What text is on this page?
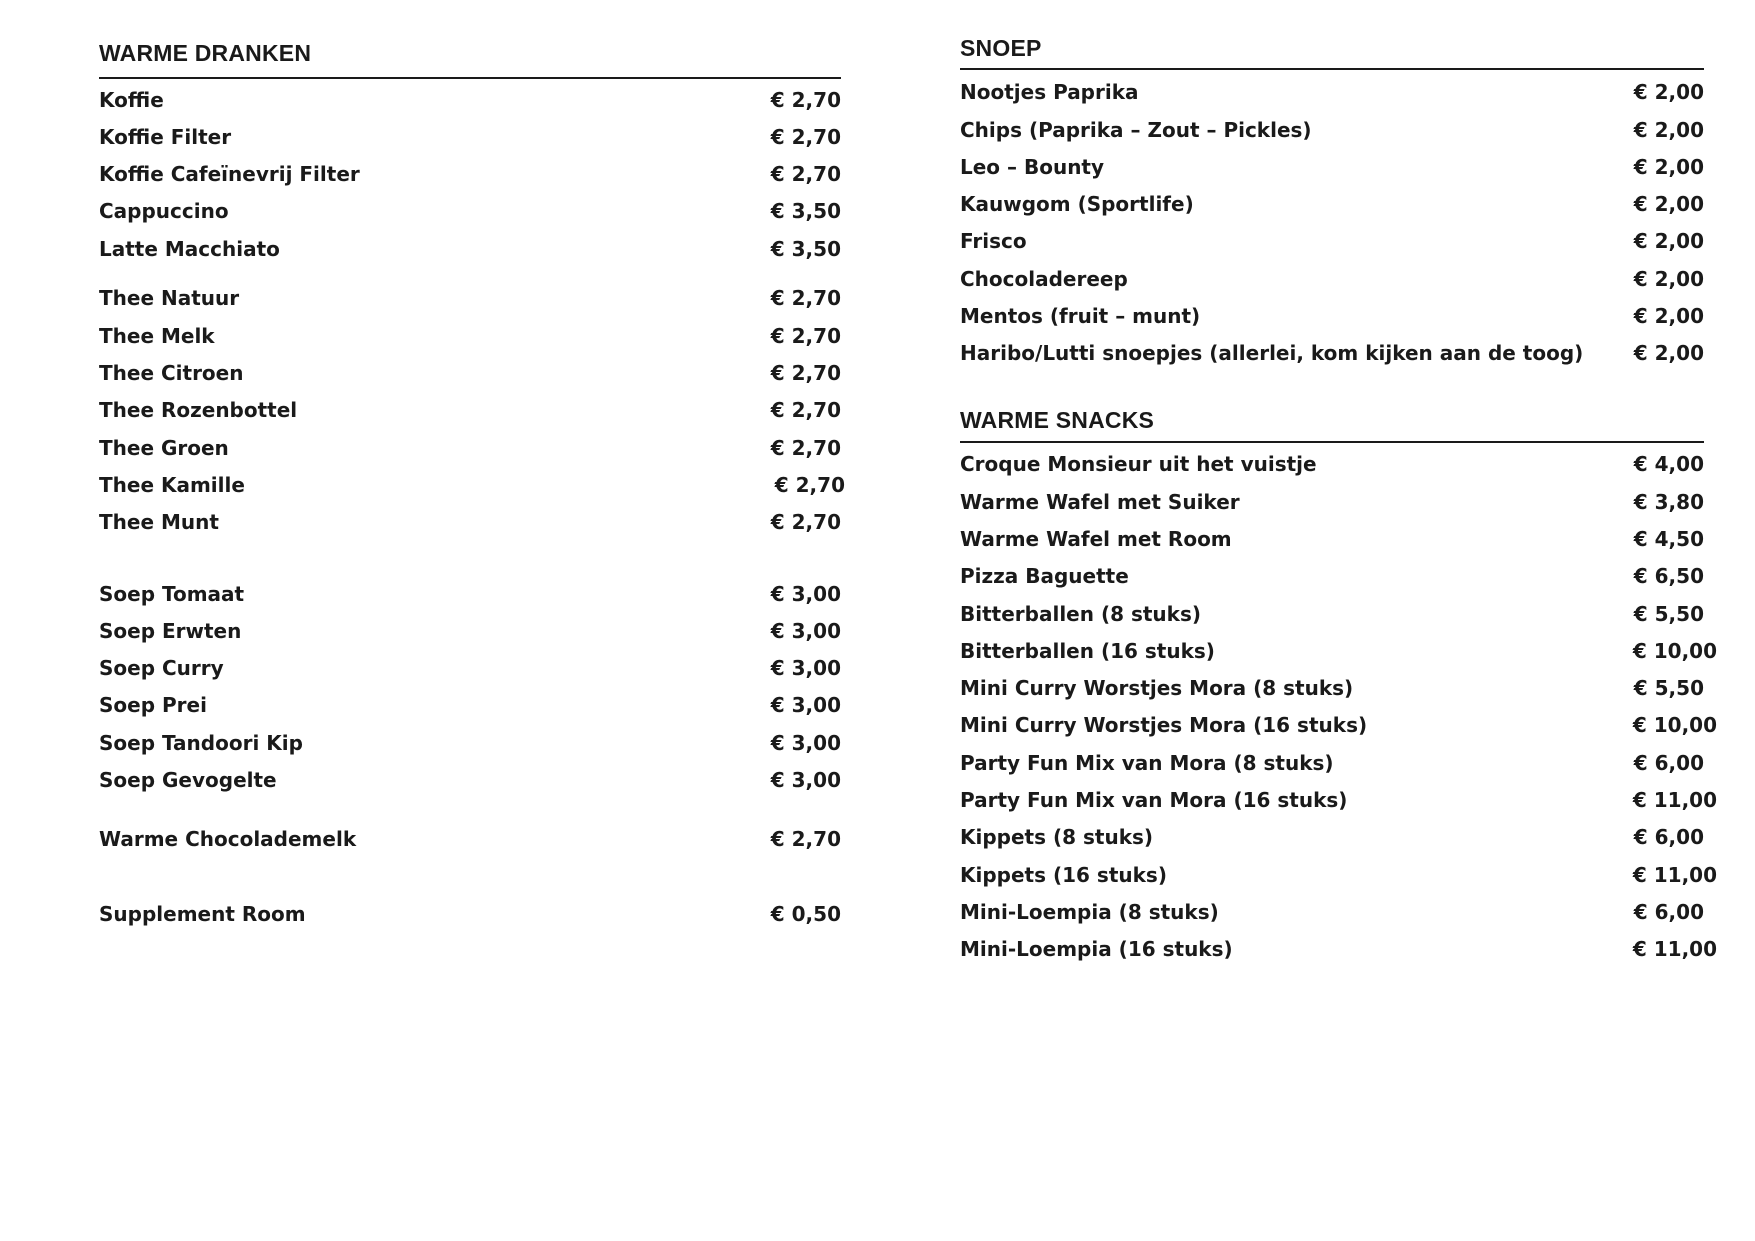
WARME DRANKEN
Koffie	€ 2,70
Koffie Filter	€ 2,70
Koffie Cafeïnevrij Filter	€ 2,70
Cappuccino	€ 3,50
Latte Macchiato	€ 3,50
Thee Natuur	€ 2,70
Thee Melk	€ 2,70
Thee Citroen	€ 2,70
Thee Rozenbottel	€ 2,70
Thee Groen	€ 2,70
Thee Kamille	€ 2,70
Thee Munt	€ 2,70
Soep Tomaat	€ 3,00
Soep Erwten	€ 3,00
Soep Curry	€ 3,00
Soep Prei	€ 3,00
Soep Tandoori Kip	€ 3,00
Soep Gevogelte	€ 3,00
Warme Chocolademelk	€ 2,70
Supplement Room	€ 0,50
SNOEP
Nootjes Paprika	€ 2,00
Chips (Paprika – Zout – Pickles)	€ 2,00
Leo – Bounty	€ 2,00
Kauwgom (Sportlife)	€ 2,00
Frisco	€ 2,00
Chocoladereep	€ 2,00
Mentos (fruit – munt)	€ 2,00
Haribo/Lutti snoepjes (allerlei, kom kijken aan de toog)	€ 2,00
WARME SNACKS
Croque Monsieur uit het vuistje	€ 4,00
Warme Wafel met Suiker	€ 3,80
Warme Wafel met Room	€ 4,50
Pizza Baguette	€ 6,50
Bitterballen (8 stuks)	€ 5,50
Bitterballen (16 stuks)	€ 10,00
Mini Curry Worstjes Mora (8 stuks)	€ 5,50
Mini Curry Worstjes Mora (16 stuks)	€ 10,00
Party Fun Mix van Mora (8 stuks)	€ 6,00
Party Fun Mix van Mora (16 stuks)	€ 11,00
Kippets (8 stuks)	€ 6,00
Kippets (16 stuks)	€ 11,00
Mini-Loempia (8 stuks)	€ 6,00
Mini-Loempia (16 stuks)	€ 11,00
